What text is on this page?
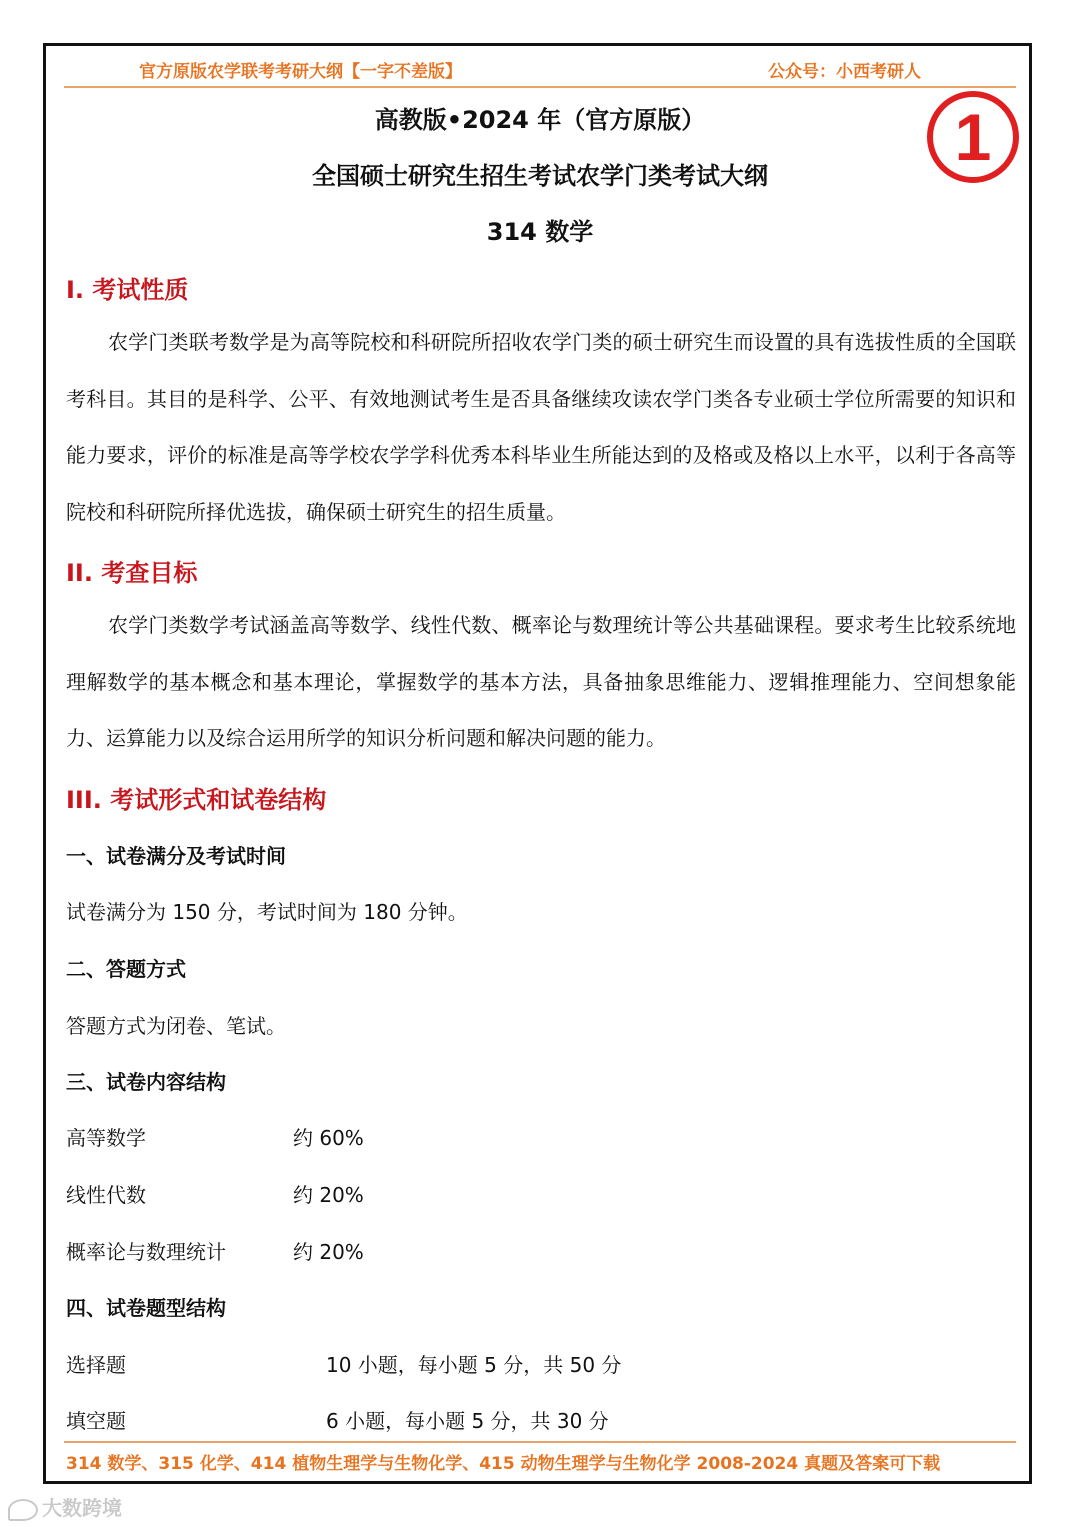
官方原版农学联考考研大纲【一字不差版】	公众号：小西考研人
高教版•2024 年（官方原版）
全国硕士研究生招生考试农学门类考试大纲
314 数学
1
I. 考试性质
农学门类联考数学是为高等院校和科研院所招收农学门类的硕士研究生而设置的具有选拔性质的全国联考科目。其目的是科学、公平、有效地测试考生是否具备继续攻读农学门类各专业硕士学位所需要的知识和能力要求，评价的标准是高等学校农学学科优秀本科毕业生所能达到的及格或及格以上水平，以利于各高等院校和科研院所择优选拔，确保硕士研究生的招生质量。
II. 考查目标
农学门类数学考试涵盖高等数学、线性代数、概率论与数理统计等公共基础课程。要求考生比较系统地理解数学的基本概念和基本理论，掌握数学的基本方法，具备抽象思维能力、逻辑推理能力、空间想象能力、运算能力以及综合运用所学的知识分析问题和解决问题的能力。
III. 考试形式和试卷结构
一、试卷满分及考试时间
试卷满分为 150 分，考试时间为 180 分钟。
二、答题方式
答题方式为闭卷、笔试。
三、试卷内容结构
高等数学	约 60%
线性代数	约 20%
概率论与数理统计	约 20%
四、试卷题型结构
选择题	10 小题，每小题 5 分，共 50 分
填空题	6 小题，每小题 5 分，共 30 分
314 数学、315 化学、414 植物生理学与生物化学、415 动物生理学与生物化学 2008-2024 真题及答案可下载
大数跨境
